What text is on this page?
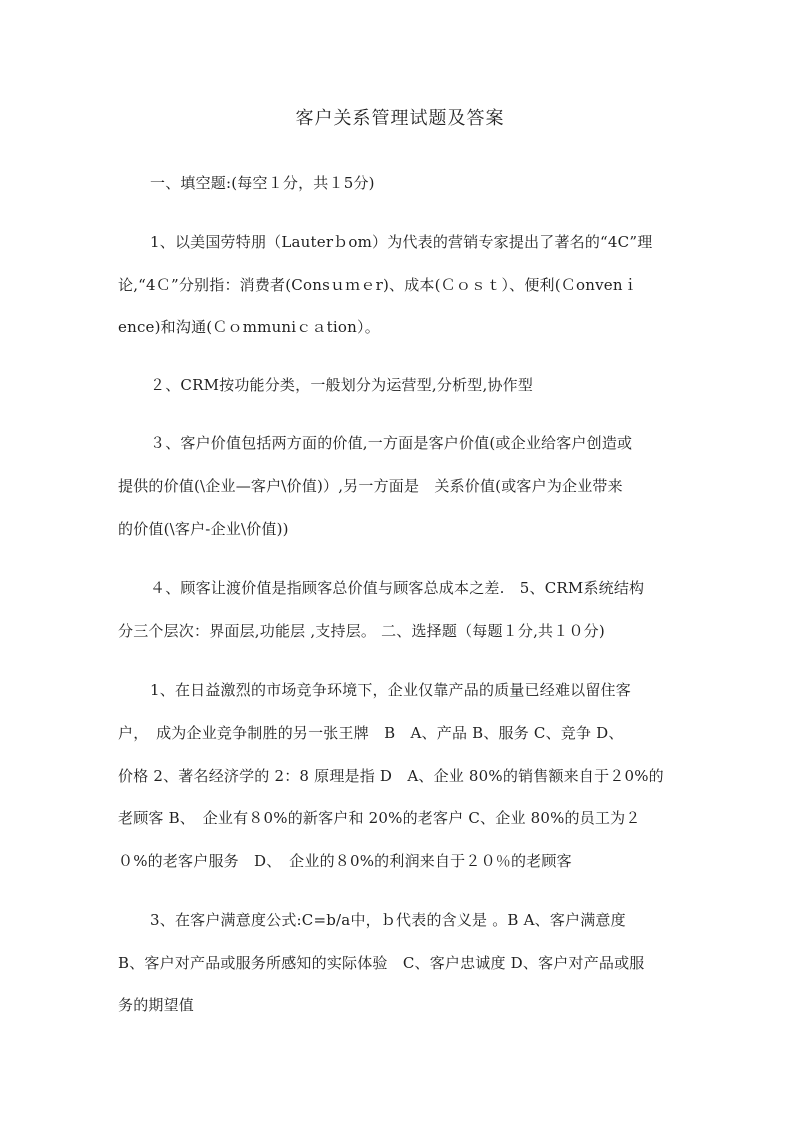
客户关系管理试题及答案
一、填空题:(每空１分，共１5分)
1、以美国劳特朋（Lauterｂom）为代表的营销专家提出了著名的“4C”理
论,“4Ｃ”分别指：消费者(Consｕｍｅr)、成本(Ｃｏｓｔ）、便利(Ｃonvenｉ
ence)和沟通(Ｃｏmmuniｃａtion）。
２、CRM按功能分类，一般划分为运营型,分析型,协作型
３、客户价值包括两方面的价值,一方面是客户价值(或企业给客户创造或
提供的价值(\企业—客户\价值)）,另一方面是　关系价值(或客户为企业带来
的价值(\客户-企业\价值))
４、顾客让渡价值是指顾客总价值与顾客总成本之差.　5、CRM系统结构
分三个层次：界面层,功能层 ,支持层。 二、选择题（每题１分,共１０分)
1、在日益激烈的市场竞争环境下，企业仅靠产品的质量已经难以留住客
户，　成为企业竞争制胜的另一张王牌　B　A、产品 B、服务 C、竞争 D、
价格 2、著名经济学的 2：8 原理是指 D　A、企业 80%的销售额来自于２0%的
老顾客 B、　企业有８0%的新客户和 20%的老客户 C、企业 80%的员工为２
０%的老客户服务　D、　企业的８0%的利润来自于２０％的老顾客
3、在客户满意度公式:C=b/a中，ｂ代表的含义是 。B A、客户满意度
B、客户对产品或服务所感知的实际体验　C、客户忠诚度 D、客户对产品或服
务的期望值
